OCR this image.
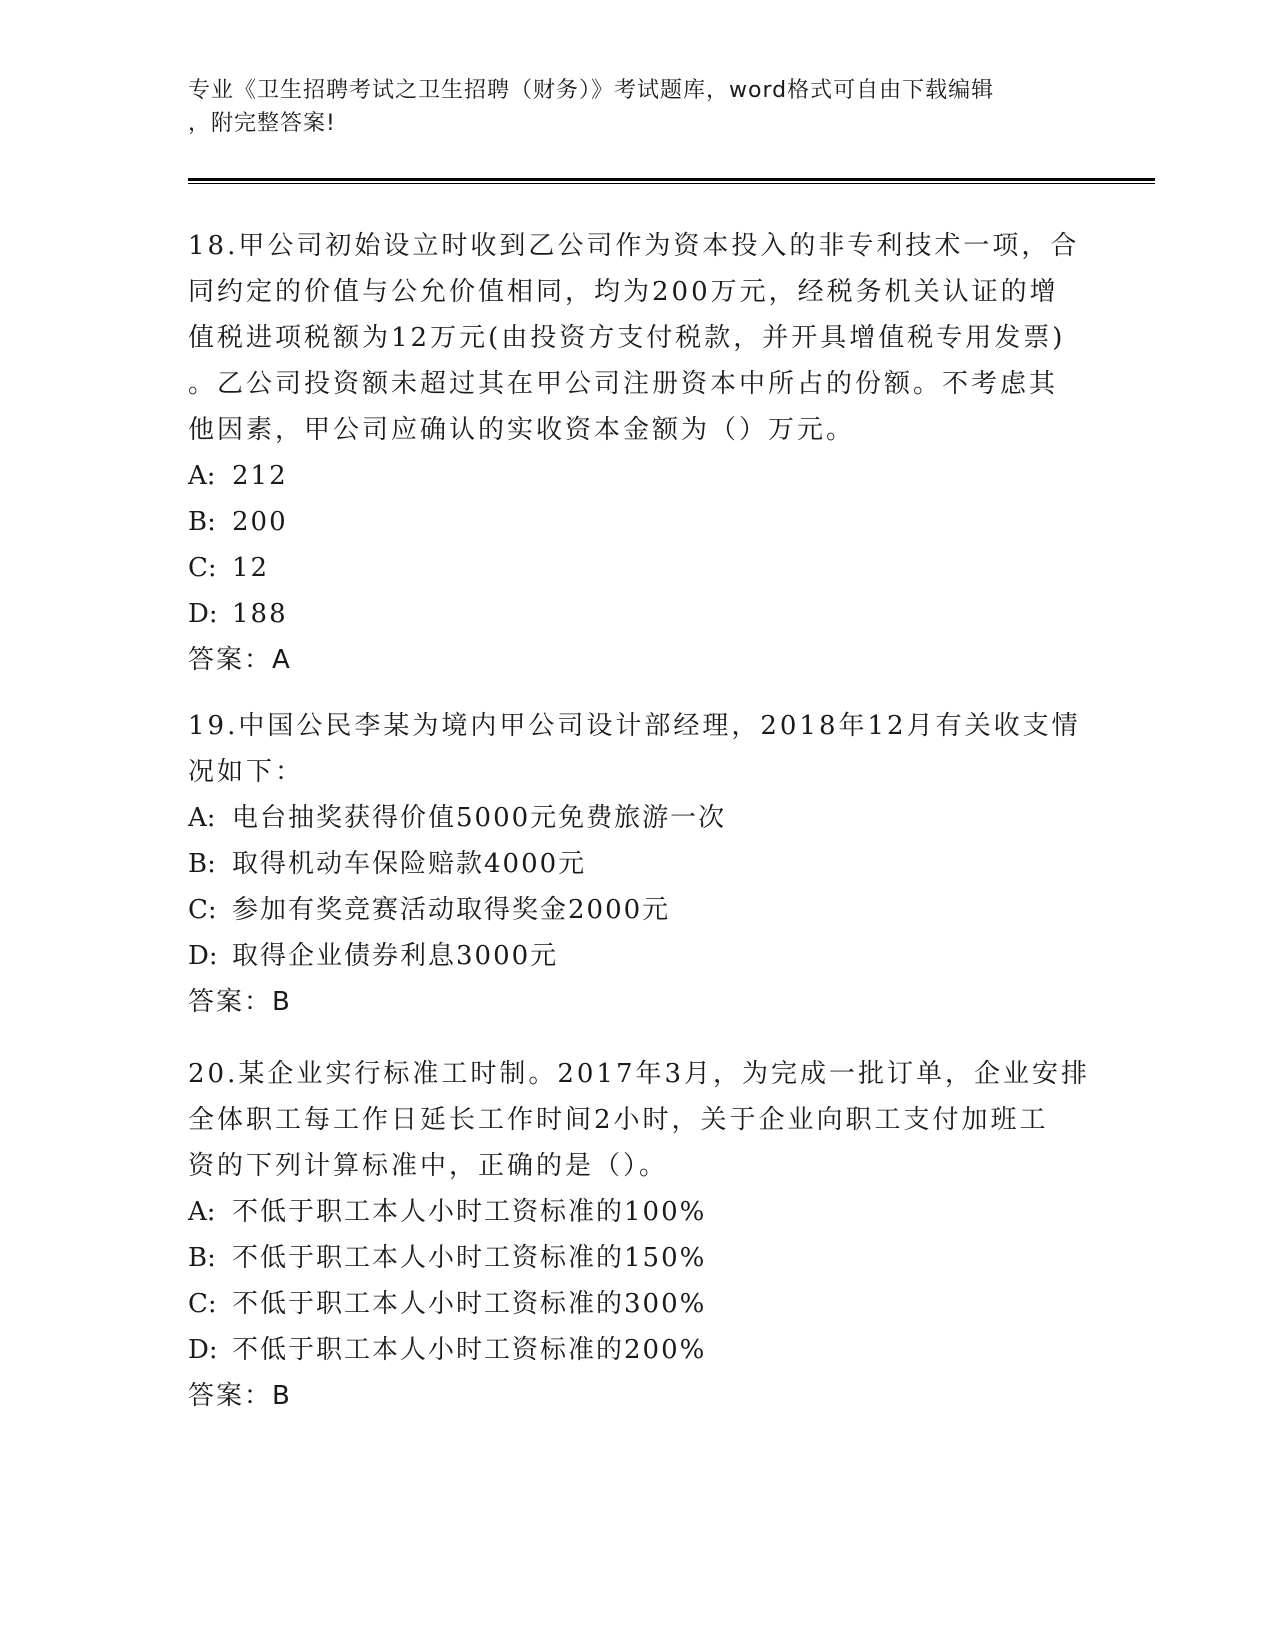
专业《卫生招聘考试之卫生招聘（财务）》考试题库，word格式可自由下载编辑
，附完整答案!
18.甲公司初始设立时收到乙公司作为资本投入的非专利技术一项，合
同约定的价值与公允价值相同，均为200万元，经税务机关认证的增
值税进项税额为12万元(由投资方支付税款，并开具增值税专用发票)
。乙公司投资额未超过其在甲公司注册资本中所占的份额。不考虑其
他因素，甲公司应确认的实收资本金额为（）万元。
A: 212
B: 200
C: 12
D: 188
答案：A
19.中国公民李某为境内甲公司设计部经理，2018年12月有关收支情
况如下：
A: 电台抽奖获得价值5000元免费旅游一次
B: 取得机动车保险赔款4000元
C: 参加有奖竞赛活动取得奖金2000元
D: 取得企业债券利息3000元
答案：B
20.某企业实行标准工时制。2017年3月，为完成一批订单，企业安排
全体职工每工作日延长工作时间2小时，关于企业向职工支付加班工
资的下列计算标准中，正确的是（）。
A: 不低于职工本人小时工资标准的100%
B: 不低于职工本人小时工资标准的150%
C: 不低于职工本人小时工资标准的300%
D: 不低于职工本人小时工资标准的200%
答案：B
